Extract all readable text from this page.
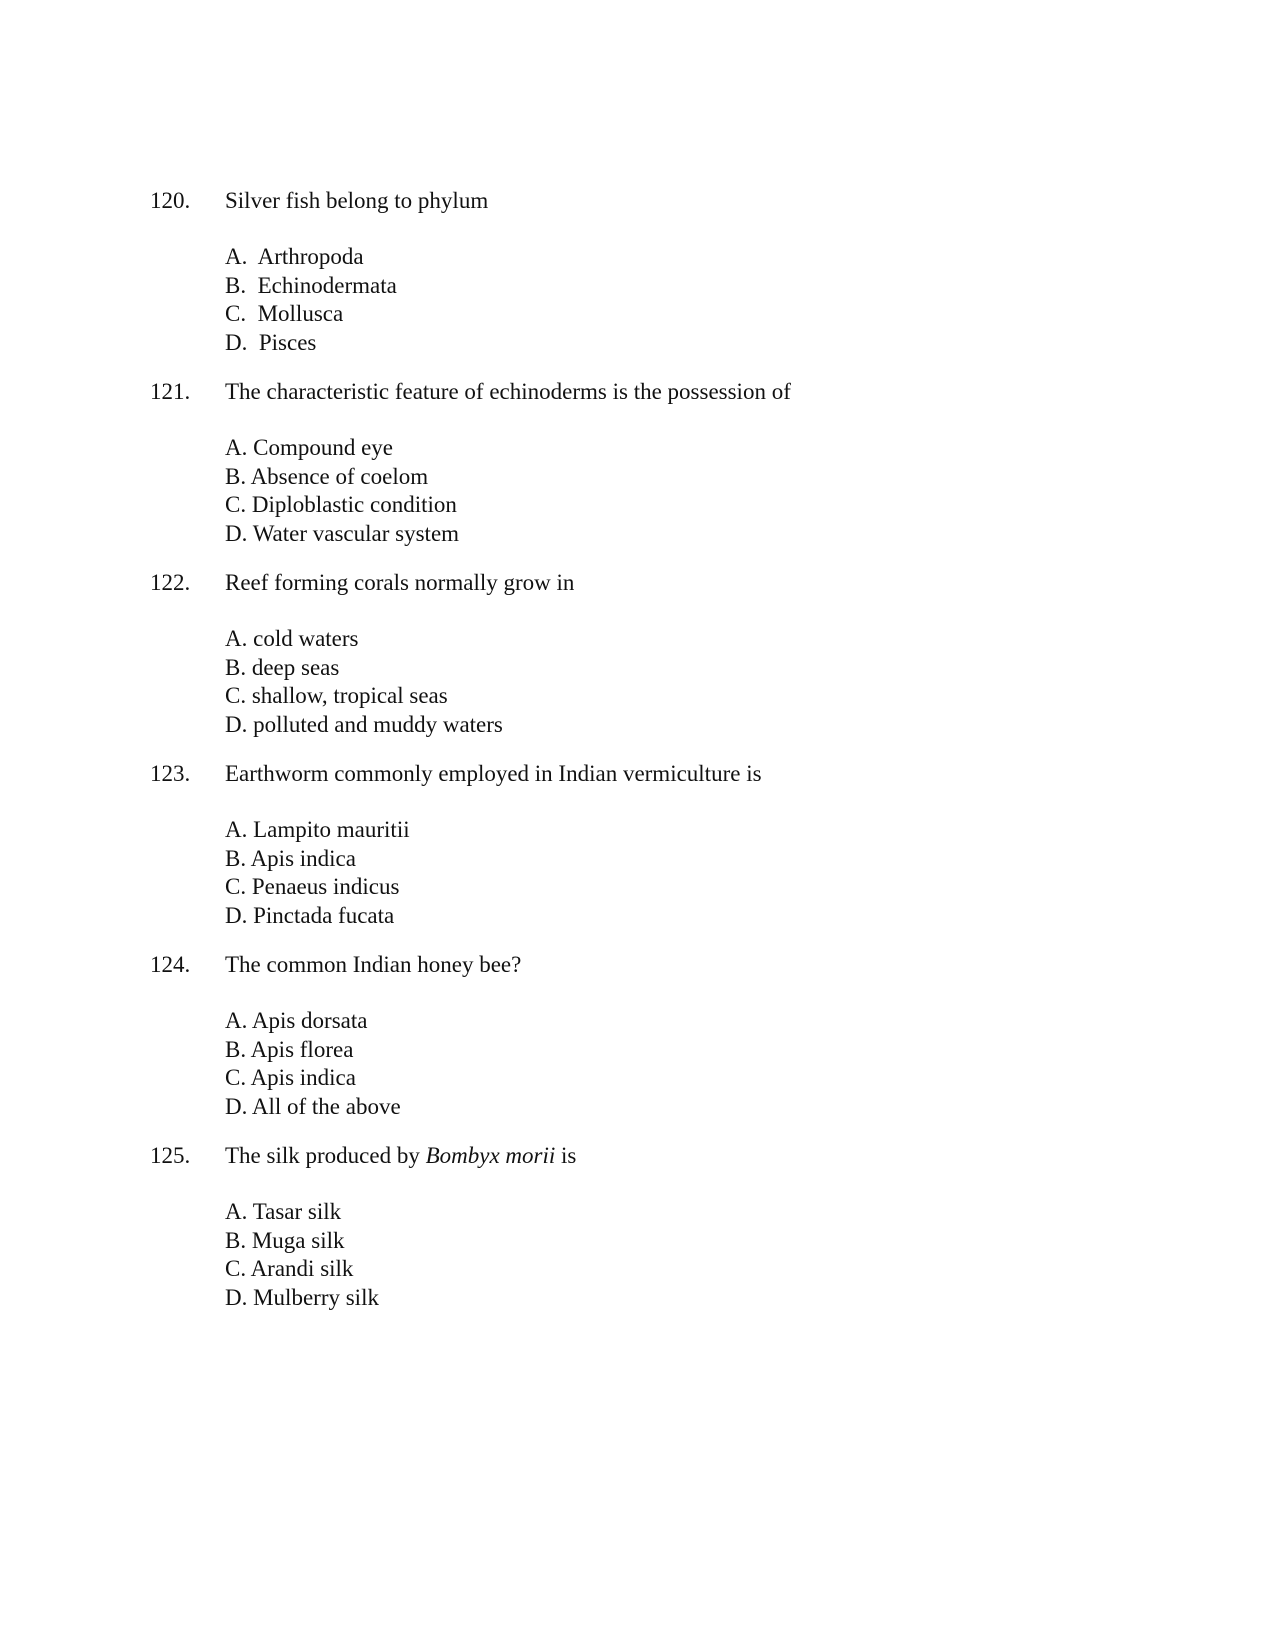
120. Silver fish belong to phylum
A.  Arthropoda
B.  Echinodermata
C.  Mollusca
D.  Pisces
121. The characteristic feature of echinoderms is the possession of
A. Compound eye
B. Absence of coelom
C. Diploblastic condition
D. Water vascular system
122. Reef forming corals normally grow in
A. cold waters
B. deep seas
C. shallow, tropical seas
D. polluted and muddy waters
123. Earthworm commonly employed in Indian vermiculture is
A. Lampito mauritii
B. Apis indica
C. Penaeus indicus
D. Pinctada fucata
124. The common Indian honey bee?
A. Apis dorsata
B. Apis florea
C. Apis indica
D. All of the above
125. The silk produced by Bombyx morii is
A. Tasar silk
B. Muga silk
C. Arandi silk
D. Mulberry silk
